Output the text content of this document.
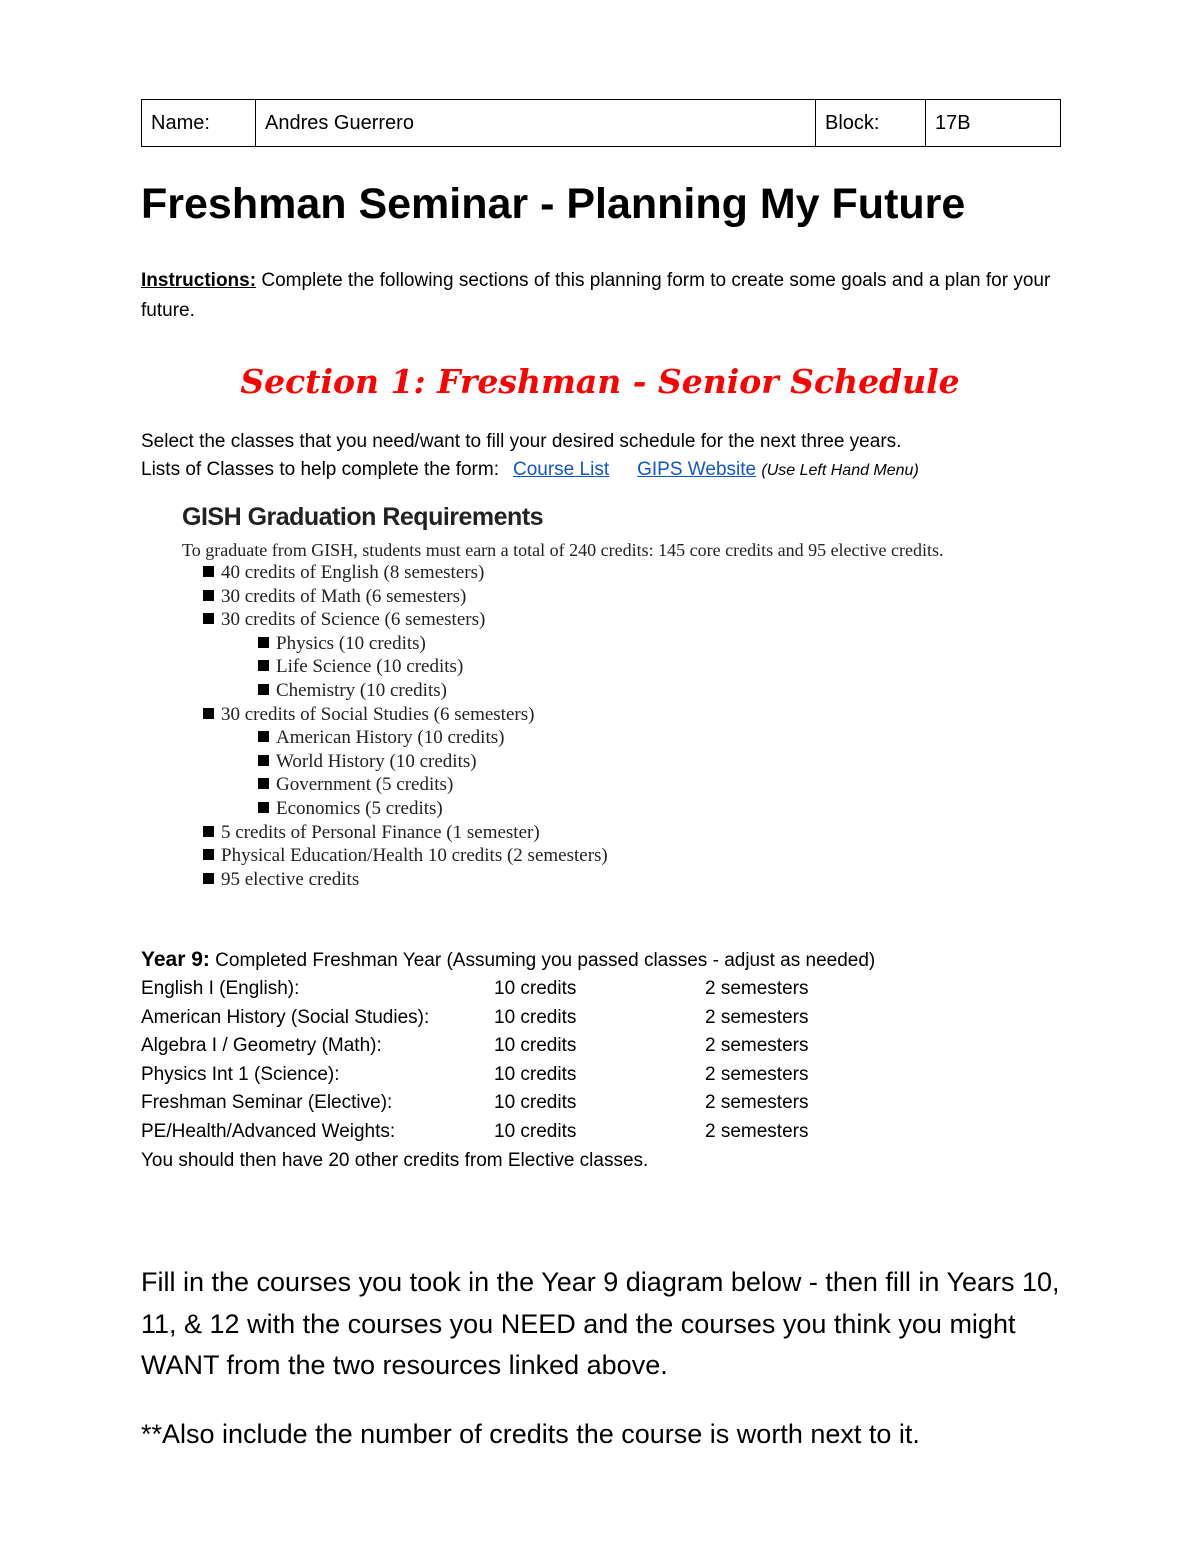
Name:	Andres Guerrero	Block:	17B
Freshman Seminar - Planning My Future
Instructions: Complete the following sections of this planning form to create some goals and a plan for your future.
Section 1: Freshman - Senior Schedule
Select the classes that you need/want to fill your desired schedule for the next three years.
Lists of Classes to help complete the form: Course List GIPS Website (Use Left Hand Menu)
GISH Graduation Requirements
To graduate from GISH, students must earn a total of 240 credits: 145 core credits and 95 elective credits.
40 credits of English (8 semesters)
30 credits of Math (6 semesters)
30 credits of Science (6 semesters)
Physics (10 credits)
Life Science (10 credits)
Chemistry (10 credits)
30 credits of Social Studies (6 semesters)
American History (10 credits)
World History (10 credits)
Government (5 credits)
Economics (5 credits)
5 credits of Personal Finance (1 semester)
Physical Education/Health 10 credits (2 semesters)
95 elective credits
Year 9: Completed Freshman Year (Assuming you passed classes - adjust as needed)
English I (English):	10 credits	2 semesters
American History (Social Studies):	10 credits	2 semesters
Algebra I / Geometry (Math):	10 credits	2 semesters
Physics Int 1 (Science):	10 credits	2 semesters
Freshman Seminar (Elective):	10 credits	2 semesters
PE/Health/Advanced Weights:	10 credits	2 semesters
You should then have 20 other credits from Elective classes.
Fill in the courses you took in the Year 9 diagram below - then fill in Years 10, 11, & 12 with the courses you NEED and the courses you think you might WANT from the two resources linked above.
**Also include the number of credits the course is worth next to it.
